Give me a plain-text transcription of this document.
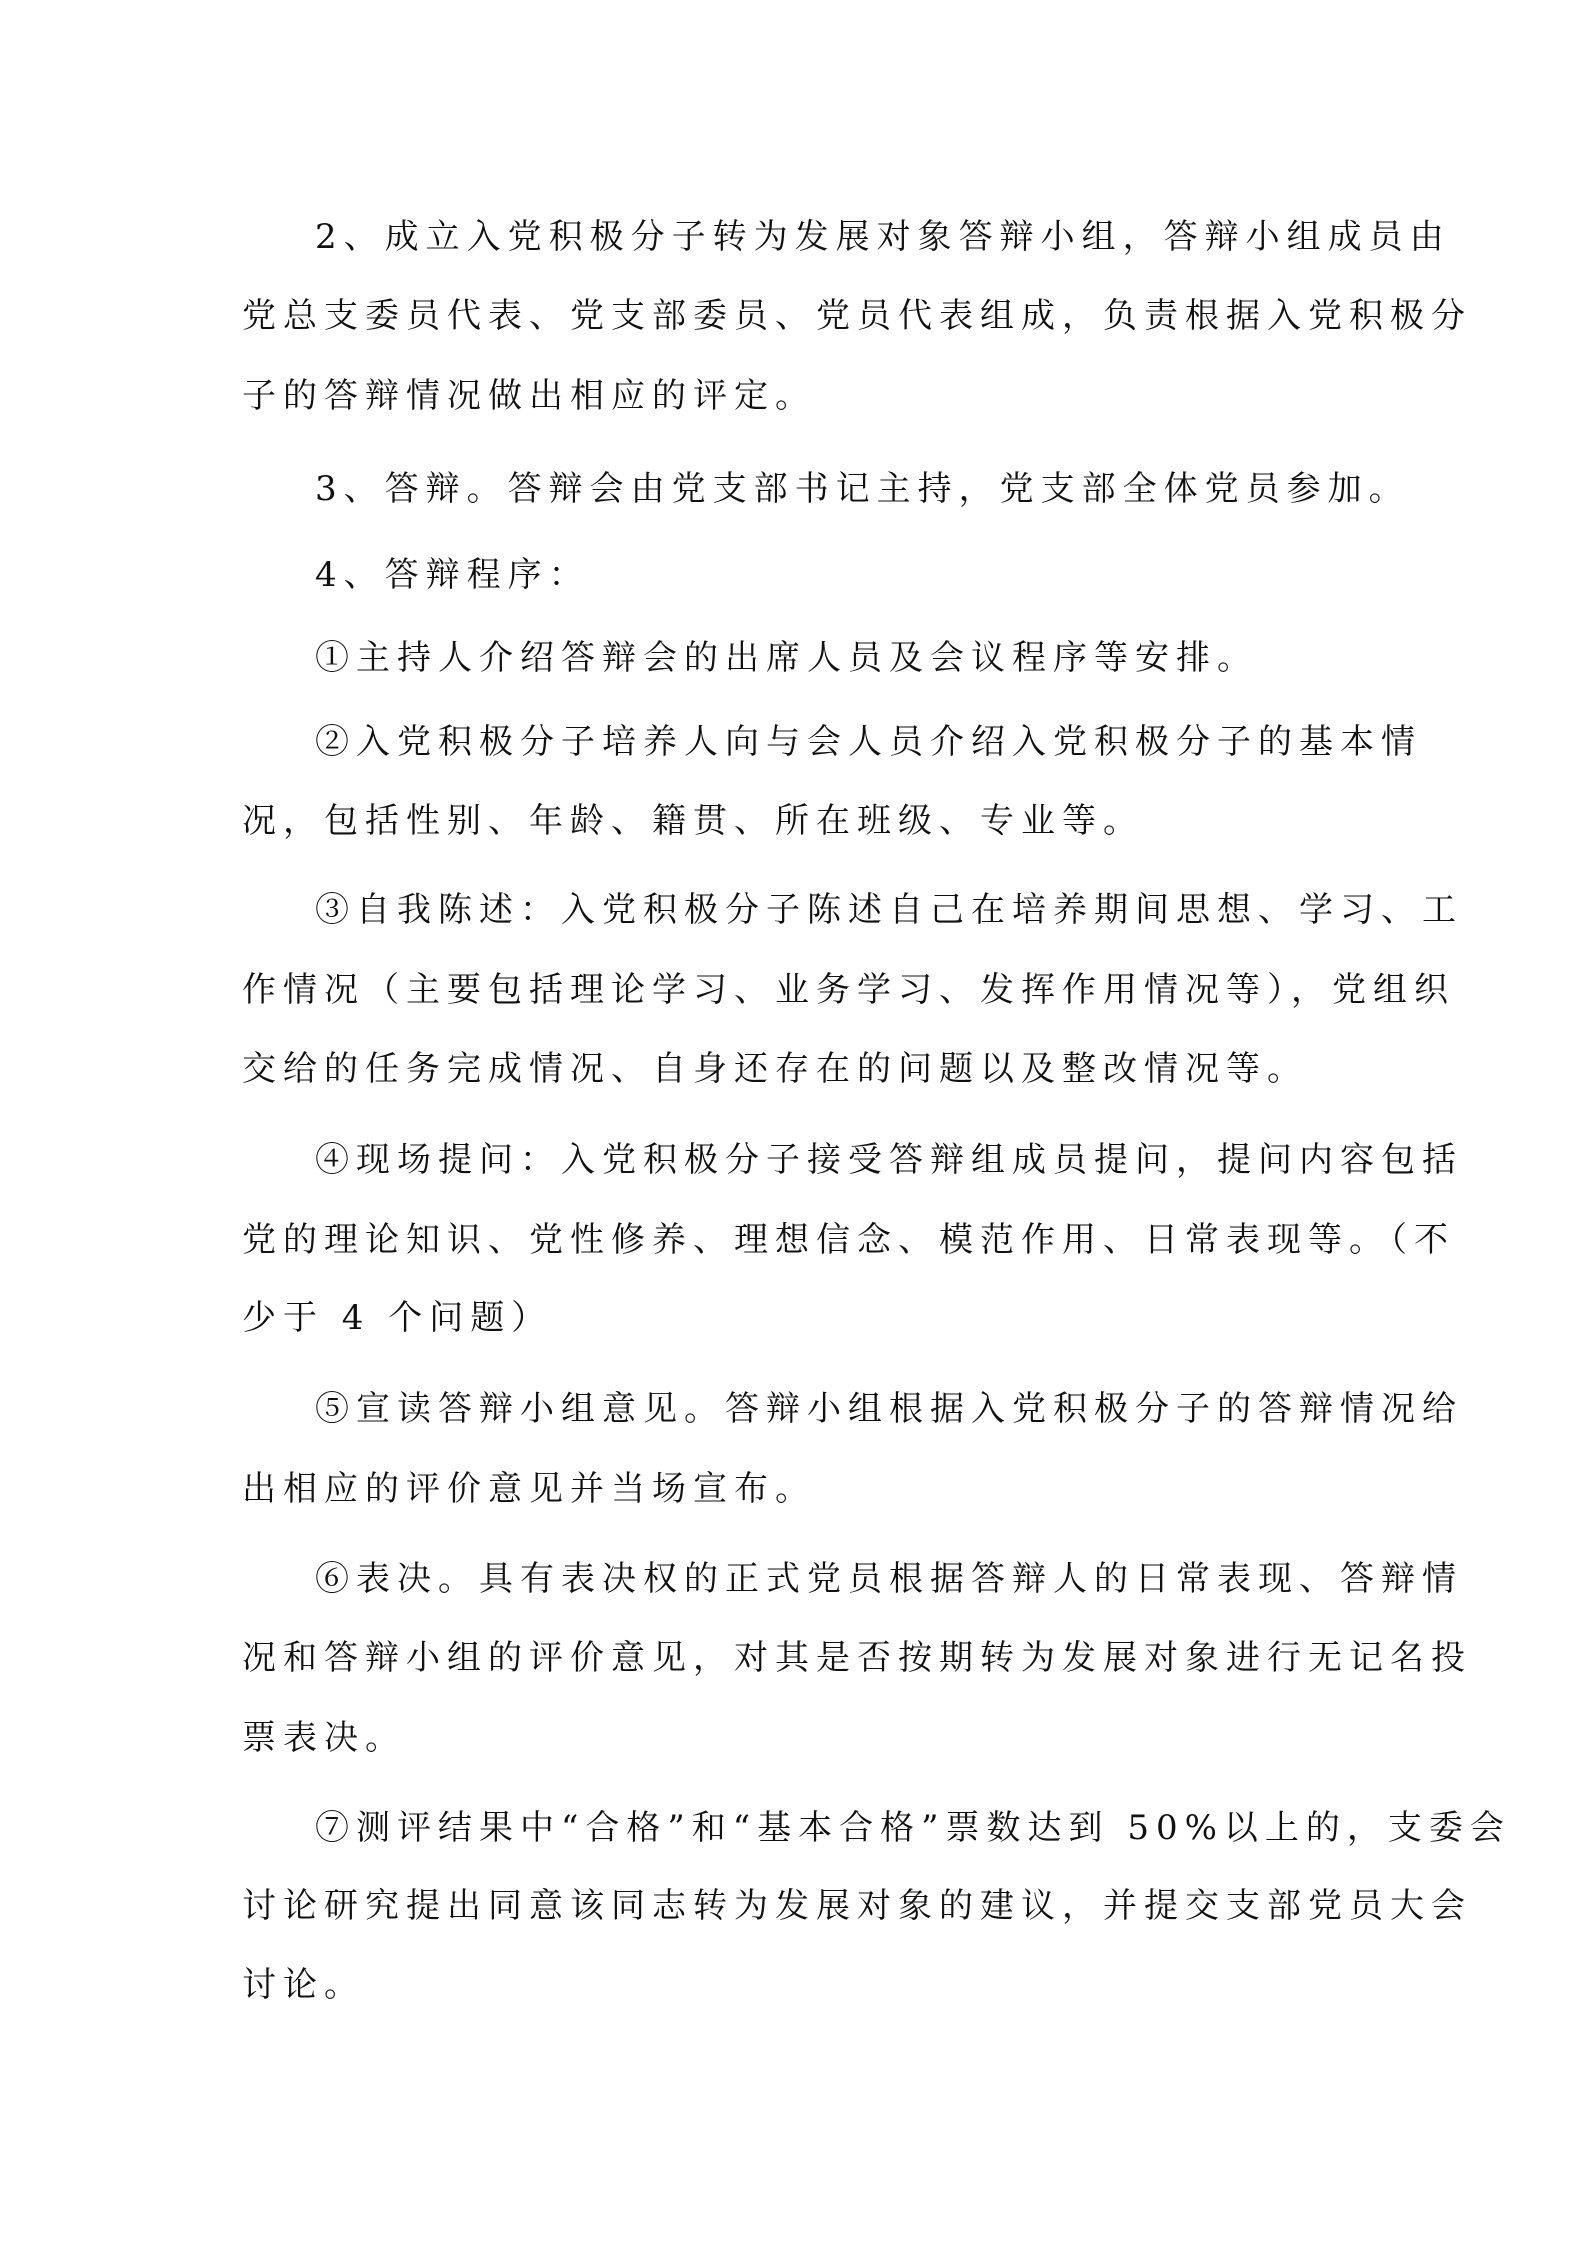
2、成立入党积极分子转为发展对象答辩小组，答辩小组成员由
党总支委员代表、党支部委员、党员代表组成，负责根据入党积极分
子的答辩情况做出相应的评定。
3、答辩。答辩会由党支部书记主持，党支部全体党员参加。
4、答辩程序：
①主持人介绍答辩会的出席人员及会议程序等安排。
②入党积极分子培养人向与会人员介绍入党积极分子的基本情
况，包括性别、年龄、籍贯、所在班级、专业等。
③自我陈述：入党积极分子陈述自己在培养期间思想、学习、工
作情况（主要包括理论学习、业务学习、发挥作用情况等），党组织
交给的任务完成情况、自身还存在的问题以及整改情况等。
④现场提问：入党积极分子接受答辩组成员提问，提问内容包括
党的理论知识、党性修养、理想信念、模范作用、日常表现等。（不
少于 4 个问题）
⑤宣读答辩小组意见。答辩小组根据入党积极分子的答辩情况给
出相应的评价意见并当场宣布。
⑥表决。具有表决权的正式党员根据答辩人的日常表现、答辩情
况和答辩小组的评价意见，对其是否按期转为发展对象进行无记名投
票表决。
⑦测评结果中“合格”和“基本合格”票数达到 50%以上的，支委会
讨论研究提出同意该同志转为发展对象的建议，并提交支部党员大会
讨论。
